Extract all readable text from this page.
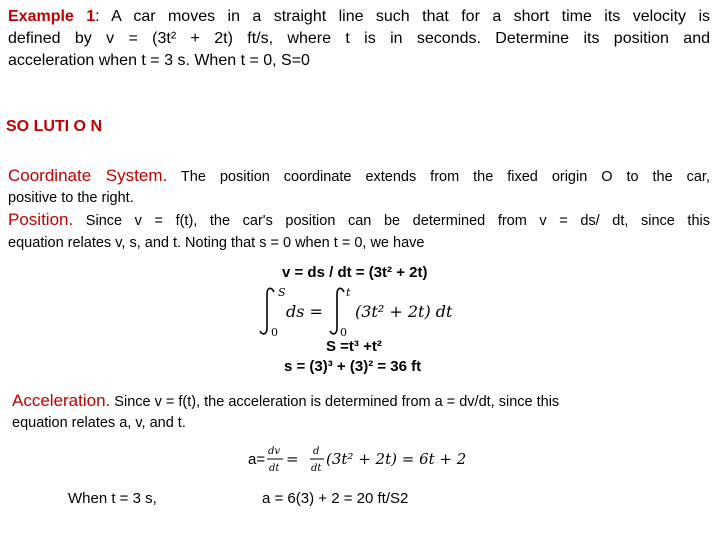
Example 1: A car moves in a straight line such that for a short time its velocity is
defined by v = (3t² + 2t) ft/s, where t is in seconds. Determine its position and
acceleration when t = 3 s. When t = 0, S=0
SO LUTI O N
Coordinate System. The position coordinate extends from the fixed origin O to the car,
positive to the right.
Position. Since v = f(t), the car's position can be determined from v = ds/ dt, since this
equation relates v, s, and t. Noting that s = 0 when t = 0, we have
v = ds / dt = (3t² + 2t)
S
0
ds =
t
0
(3t² + 2t) dt
S =t³ +t²
s = (3)³ + (3)² = 36 ft
Acceleration. Since v = f(t), the acceleration is determined from a = dv/dt, since this
equation relates a, v, and t.
a= dv
dt
= d
dt
(3t² + 2t) = 6t + 2
When t = 3 s,	a = 6(3) + 2 = 20 ft/S2
